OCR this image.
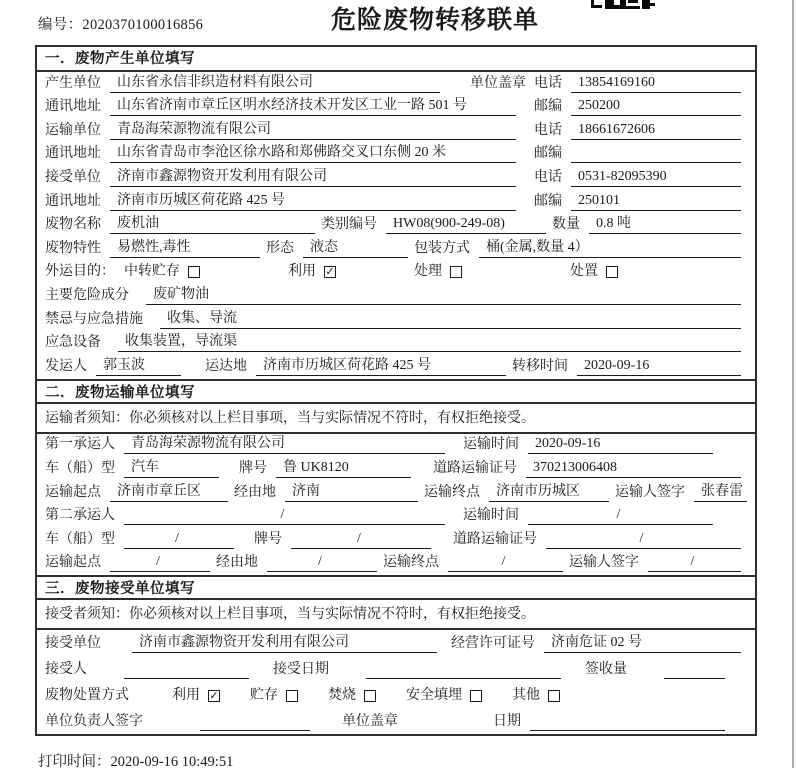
编号：2020370100016856	危险废物转移联单
一．废物产生单位填写
产生单位	山东省永信非织造材料有限公司	单位盖章 电话	13854169160
通讯地址	山东省济南市章丘区明水经济技术开发区工业一路 501 号	邮编	250200
运输单位	青岛海荣源物流有限公司	电话	18661672606
通讯地址	山东省青岛市李沧区徐水路和郑佛路交叉口东侧 20 米	邮编
接受单位	济南市鑫源物资开发利用有限公司	电话	0531-82095390
通讯地址	济南市历城区荷花路 425 号	邮编	250101
废物名称	废机油	类别编号	HW08(900-249-08)	数量	0.8 吨
废物特性	易燃性,毒性	形态	液态	包装方式	桶(金属,数量 4）
外运目的： 中转贮存	利用 ✓	处理	处置
主要危险成分	废矿物油
禁忌与应急措施	收集、导流
应急设备	收集装置，导流渠
发运人	郭玉波	运达地	济南市历城区荷花路 425 号	转移时间	2020-09-16
二．废物运输单位填写
运输者须知：你必须核对以上栏目事项，当与实际情况不符时，有权拒绝接受。
第一承运人	青岛海荣源物流有限公司	运输时间	2020-09-16
车（船）型	汽车	牌号	鲁 UK8120	道路运输证号	370213006408
运输起点	济南市章丘区	经由地	济南	运输终点	济南市历城区	运输人签字	张春雷
第二承运人	/	运输时间	/
车（船）型	/	牌号	/	道路运输证号	/
运输起点	/	经由地	/	运输终点	/	运输人签字	/
三．废物接受单位填写
接受者须知：你必须核对以上栏目事项，当与实际情况不符时，有权拒绝接受。
接受单位	济南市鑫源物资开发利用有限公司	经营许可证号	济南危证 02 号
接受人	接受日期	签收量
废物处置方式	利用 ✓ 贮存	焚烧	安全填埋	其他
单位负责人签字	单位盖章	日期
打印时间：2020-09-16 10:49:51
